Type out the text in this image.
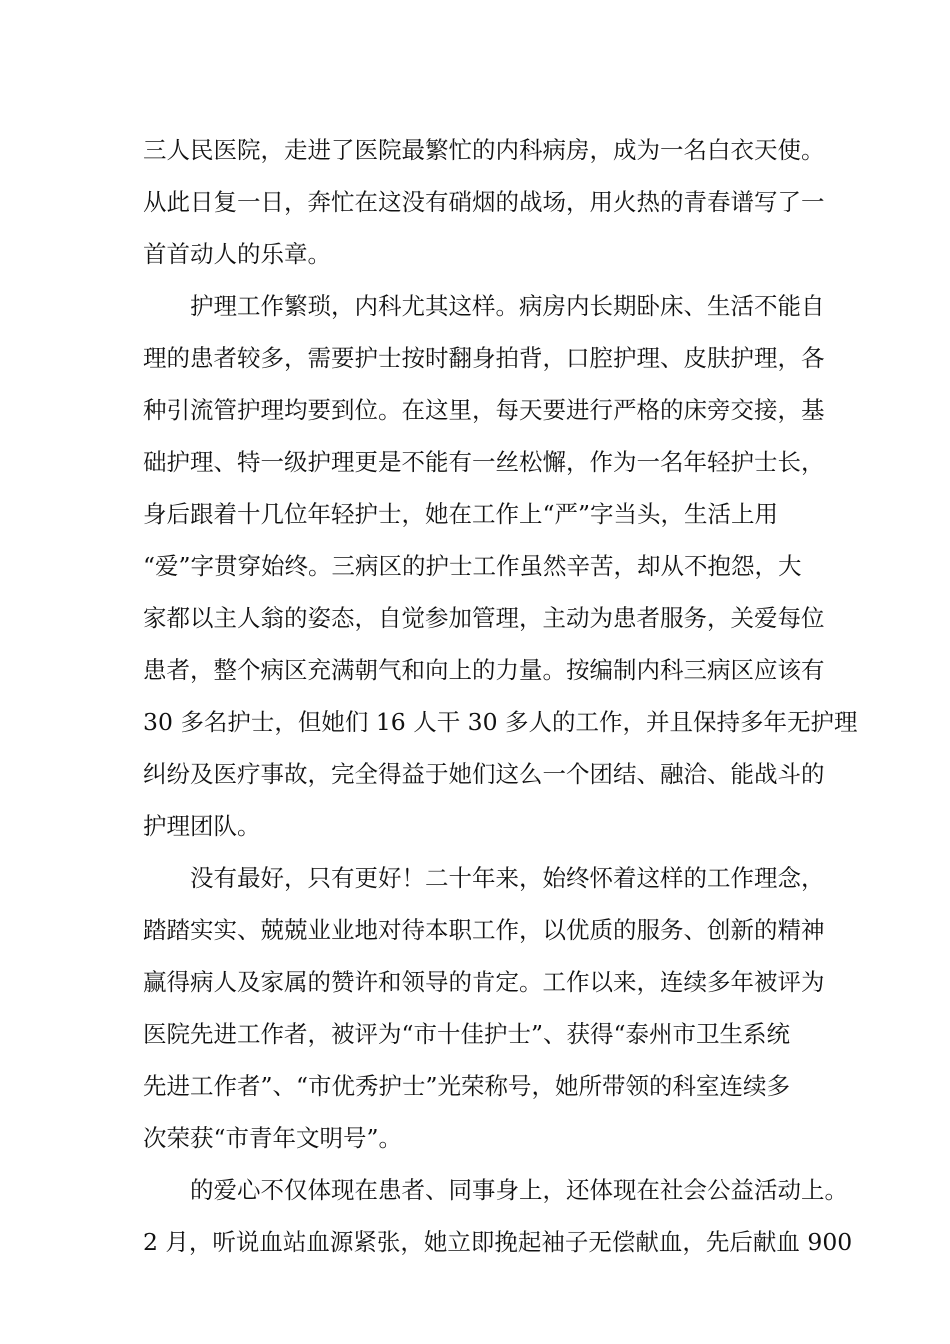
三人民医院，走进了医院最繁忙的内科病房，成为一名白衣天使。

从此日复一日，奔忙在这没有硝烟的战场，用火热的青春谱写了一

首首动人的乐章。

护理工作繁琐，内科尤其这样。病房内长期卧床、生活不能自

理的患者较多，需要护士按时翻身拍背，口腔护理、皮肤护理，各

种引流管护理均要到位。在这里，每天要进行严格的床旁交接，基

础护理、特一级护理更是不能有一丝松懈，作为一名年轻护士长，

身后跟着十几位年轻护士，她在工作上“严”字当头，生活上用

“爱”字贯穿始终。三病区的护士工作虽然辛苦，却从不抱怨，大

家都以主人翁的姿态，自觉参加管理，主动为患者服务，关爱每位

患者，整个病区充满朝气和向上的力量。按编制内科三病区应该有

30 多名护士，但她们 16 人干 30 多人的工作，并且保持多年无护理

纠纷及医疗事故，完全得益于她们这么一个团结、融洽、能战斗的

护理团队。

没有最好，只有更好！二十年来，始终怀着这样的工作理念，

踏踏实实、兢兢业业地对待本职工作，以优质的服务、创新的精神

赢得病人及家属的赞许和领导的肯定。工作以来，连续多年被评为

医院先进工作者，被评为“市十佳护士”、获得“泰州市卫生系统

先进工作者”、“市优秀护士”光荣称号，她所带领的科室连续多

次荣获“市青年文明号”。

的爱心不仅体现在患者、同事身上，还体现在社会公益活动上。

2 月，听说血站血源紧张，她立即挽起袖子无偿献血，先后献血 900
